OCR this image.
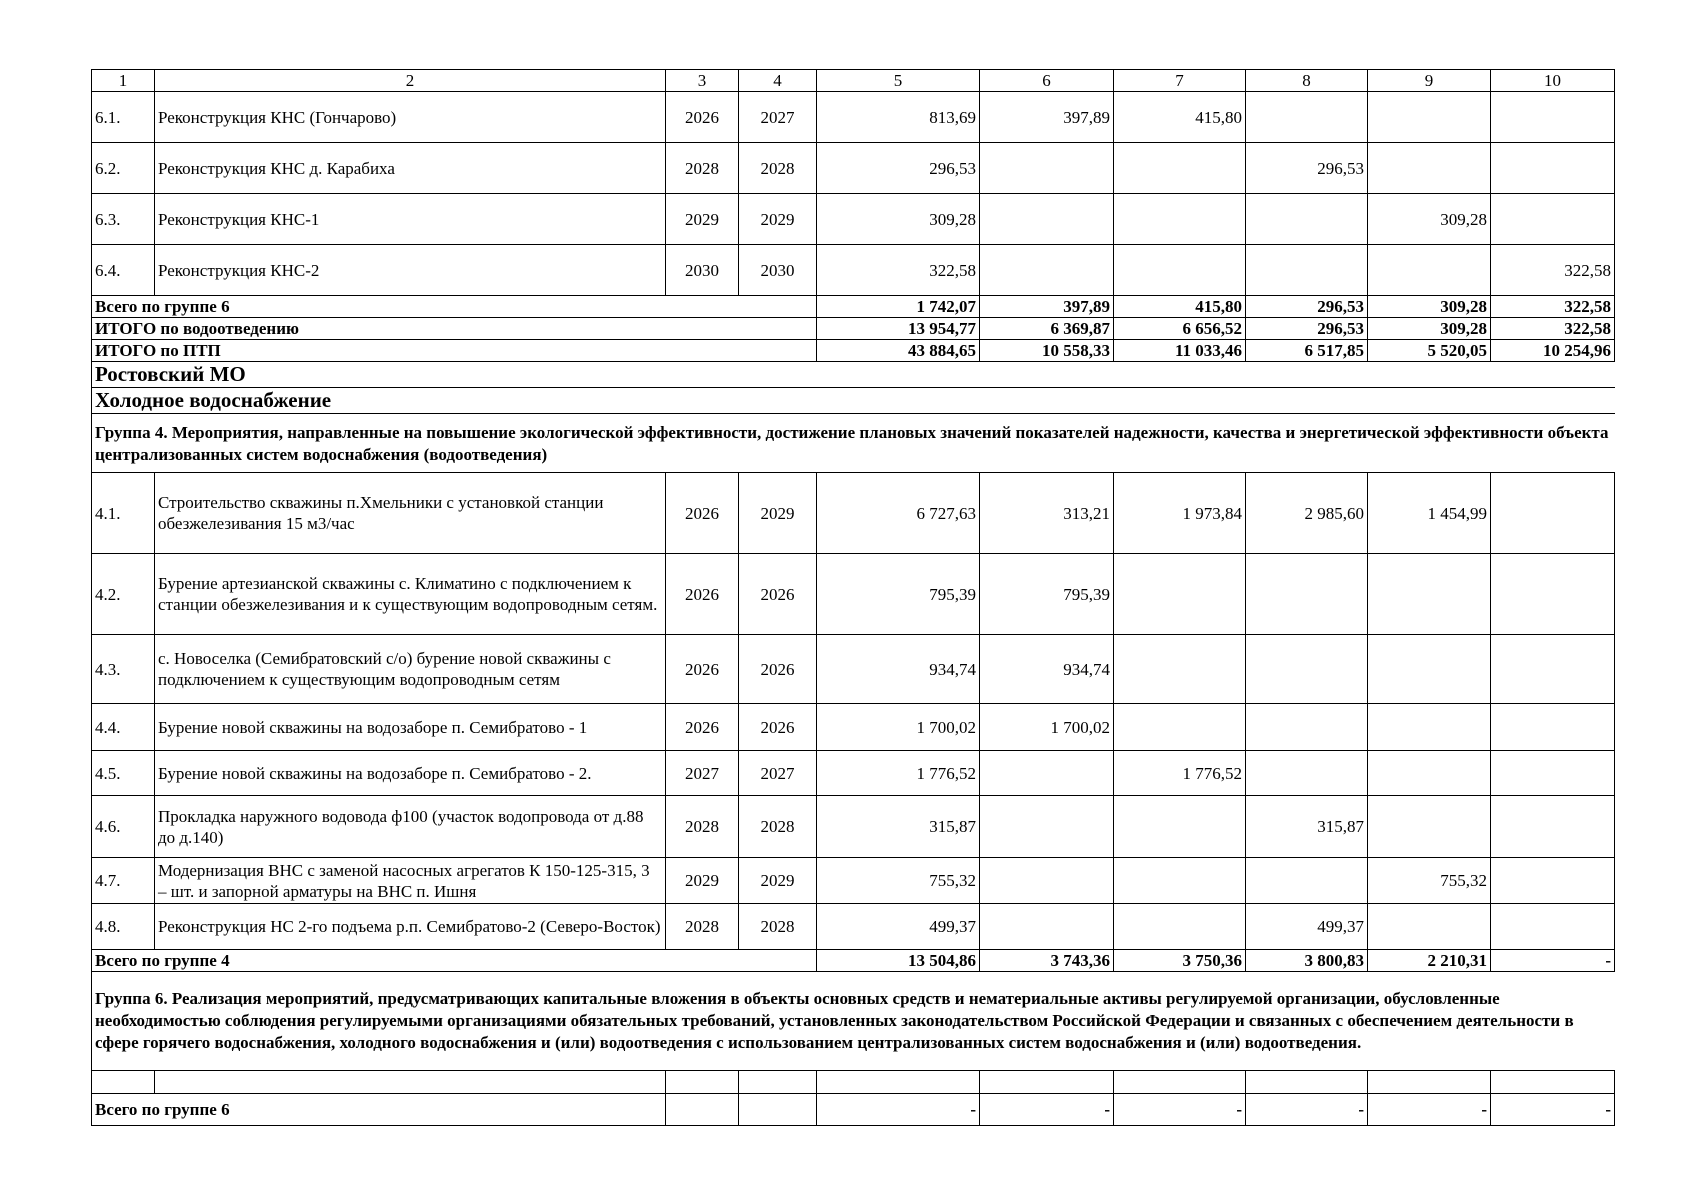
1	2	3	4	5	6	7	8	9	10
6.1.	Реконструкция КНС (Гончарово)	2026	2027	813,69	397,89	415,80			
6.2.	Реконструкция КНС д. Карабиха	2028	2028	296,53			296,53		
6.3.	Реконструкция КНС-1	2029	2029	309,28				309,28	
6.4.	Реконструкция КНС-2	2030	2030	322,58					322,58
Всего по группе 6				1 742,07	397,89	415,80	296,53	309,28	322,58
ИТОГО по водоотведению				13 954,77	6 369,87	6 656,52	296,53	309,28	322,58
ИТОГО по ПТП				43 884,65	10 558,33	11 033,46	6 517,85	5 520,05	10 254,96
Ростовский МО									
Холодное водоснабжение									
Группа 4. Мероприятия, направленные на повышение экологической эффективности, достижение плановых значений показателей надежности, качества и энергетической эффективности объекта централизованных систем водоснабжения (водоотведения)									
4.1.	Строительство скважины п.Хмельники с установкой станции обезжелезивания 15 м3/час	2026	2029	6 727,63	313,21	1 973,84	2 985,60	1 454,99	
4.2.	Бурение артезианской скважины с. Климатино с подключением к станции обезжелезивания и к существующим водопроводным сетям.	2026	2026	795,39	795,39				
4.3.	с. Новоселка (Семибратовский с/о) бурение новой скважины с подключением к существующим водопроводным сетям	2026	2026	934,74	934,74				
4.4.	Бурение новой скважины на водозаборе п. Семибратово - 1	2026	2026	1 700,02	1 700,02				
4.5.	Бурение новой скважины на водозаборе п. Семибратово - 2.	2027	2027	1 776,52		1 776,52			
4.6.	Прокладка наружного водовода ф100 (участок водопровода от д.88 до д.140)	2028	2028	315,87			315,87		
4.7.	Модернизация ВНС с заменой насосных агрегатов К 150-125-315, 3 – шт. и запорной арматуры на ВНС п. Ишня	2029	2029	755,32				755,32	
4.8.	Реконструкция НС 2-го подъема р.п. Семибратово-2 (Северо-Восток)	2028	2028	499,37			499,37		
Всего по группе 4				13 504,86	3 743,36	3 750,36	3 800,83	2 210,31	-
Группа 6. Реализация мероприятий, предусматривающих капитальные вложения в объекты основных средств и нематериальные активы регулируемой организации, обусловленные необходимостью соблюдения регулируемыми организациями обязательных требований, установленных законодательством Российской Федерации и связанных с обеспечением деятельности в сфере горячего водоснабжения, холодного водоснабжения и (или) водоотведения с использованием централизованных систем водоснабжения и (или) водоотведения.									

Всего по группе 6				-	-	-	-	-	-
